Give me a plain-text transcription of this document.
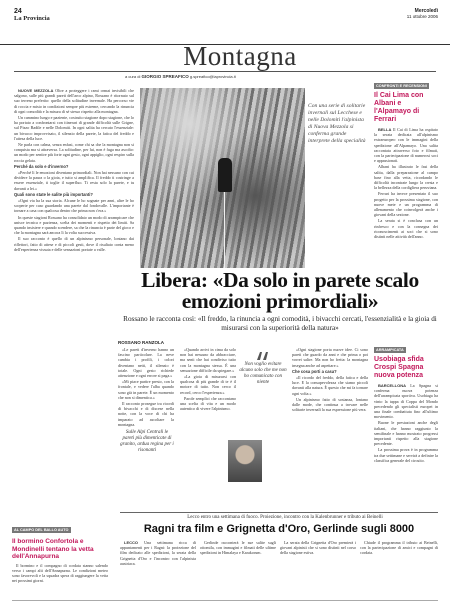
24
La Provincia
Mercoledì
11 ottobre 2006
Montagna
a cura di GIORGIO SPREAFICO g.spreafico@laprovincia.it

NUOVE MEZZOLA Oltre a proteggere i rami ormai invisibili che salgono, sulle più grandi pareti dell'arco alpino, Rossano è ritornato sul suo terreno preferito: quello della solitudine invernale. Ha percorso vie di roccia e misto in condizioni sempre più estreme, cercando la rinuncia di ogni comodità e la misura di sé stesso rispetto alla montagna.

Un cammino lungo e paziente, costruito stagione dopo stagione, che lo ha portato a confrontarsi con itinerari di grande difficoltà sulle Grigne, sul Pizzo Badile e nelle Dolomiti. In ogni salita ha cercato l'essenziale: un bivacco improvvisato, il silenzio della parete, la fatica del freddo e l'attesa della luce.

Ne parla con calma, senza enfasi, come chi sa che la montagna non si conquista ma si attraversa. La solitudine, per lui, non è fuga ma ascolto: un modo per sentire più forte ogni gesto, ogni appiglio, ogni respiro sulla roccia gelata.

Perché da solo e d'inverno?

«Perché lì le emozioni diventano primordiali. Non hai nessuno con cui dividere la paura o la gioia, e tutto si amplifica. Il freddo ti costringe a essere essenziale, ti toglie il superfluo. Ti resta solo la parete, e tu davanti a lei.»

Quali sono state le salite più importanti?

«Ogni via ha la sua storia. Alcune le ho sognate per anni, altre le ho scoperte per caso guardando una parete dal fondovalle. L'importante è tornare a casa con qualcosa dentro che prima non c'era.»

In queste stagioni Rossano ha consolidato un modo di arrampicare che unisce tecnica e pazienza, scelta dei momenti e rispetto dei limiti. Sa quando insistere e quando scendere, sa che la rinuncia è parte del gioco e che la montagna sarà ancora lì la volta successiva.

Il suo racconto è quello di un alpinismo personale, lontano dai riflettori, fatto di attese e di piccoli gesti, dove il risultato conta meno dell'esperienza vissuta e delle sensazioni portate a valle.

Con una serie di solitarie invernali sul Lecchese e nelle Dolomiti l'alpinista di Nuova Mezzola si conferma grande interprete della specialità
CONFRONTI E RECENSIONI
Il Cai Lima con Albani e l'Alpamayo di Ferrari

BELLA Il Cai di Lima ha ospitato la serata dedicata all'alpinismo extraeuropeo con le immagini della spedizione all'Alpamayo. Una salita raccontata attraverso foto e filmati, con la partecipazione di numerosi soci e appassionati.

Albani ha illustrato le fasi della salita, dalla preparazione al campo base fino alla vetta, ricordando le difficoltà incontrate lungo la cresta e la bellezza della cordigliera peruviana.

Ferrari ha invece presentato il suo progetto per la prossima stagione, con nuove mete e un programma di allenamento che coinvolgerà anche i giovani della sezione.

La serata si è conclusa con un rinfresco e con la consegna dei riconoscimenti ai soci che si sono distinti nelle attività dell'anno.

Libera: «Da solo in parete scalo emozioni primordiali»
Rossano le racconta così: «Il freddo, la rinuncia a ogni comodità, i bivacchi cercati, l'essenzialità e la gioia di misurarsi con la superiorità della natura»
ROSSANO RANZOLA

«Le pareti d'inverno hanno un fascino particolare. La neve cambia i profili, i colori diventano netti, il silenzio è totale. Ogni gesto richiede attenzione e ogni errore si paga.»

«Mi piace partire presto, con la frontale, e vedere l'alba quando sono già in parete. È un momento che non si dimentica.»

Il racconto prosegue tra ricordi di bivacchi e di discese nella notte, con la voce di chi ha imparato ad ascoltare la montagna.

Sulle Alpi Centrali le pareti più dimenticate di granito, ardua regina per i risonanti

«Quando arrivi in cima da solo non hai nessuno da abbracciare, ma senti che hai condiviso tutto con la montagna stessa. È una sensazione difficile da spiegare.»

«La gioia di misurarsi con qualcosa di più grande di te è il motore di tutto. Non cerco il record, cerco l'esperienza.»

Parole semplici che raccontano una scelta di vita e un modo autentico di vivere l'alpinismo.

Non voglio evitare alcuno solo che me non ho comunicato con niente

«Ogni stagione porta nuove idee. Ci sono pareti che guardo da anni e che prima o poi vorrei salire. Ma non ho fretta: la montagna insegna anche ad aspettare.»

Che cosa porti a casa?

«Il ricordo del freddo, della fatica e della luce. E la consapevolezza che siamo piccoli davanti alla natura. È questo che mi fa tornare ogni volta.»

Un alpinismo fatto di sostanza, lontano dalle mode, che continua a trovare nelle solitarie invernali la sua espressione più vera.

ARRAMPICATA
Usobiaga sfida Crospi Spagna nuova potenza

BARCELLONA La Spagna si conferma nuova potenza dell'arrampicata sportiva. Usobiaga ha vinto la tappa di Coppa del Mondo precedendo gli specialisti europei in una finale combattuta fino all'ultimo movimento.

Buone le prestazioni anche degli italiani, che hanno raggiunto la semifinale e hanno mostrato progressi importanti rispetto alla stagione precedente.

La prossima prova è in programma tra due settimane e servirà a definire la classifica generale del circuito.

AL CAMPO DEL BALLO AUTO
Il bormino Confortola e Mondinelli tentano la vetta dell'Annapurna

Il bormino e il compagno di cordata stanno salendo verso i campi alti dell'Annapurna. Le condizioni meteo sono favorevoli e la squadra spera di raggiungere la vetta nei prossimi giorni.

Lecco entro una settimana di fuoco. Proiezione, incontro con la Kalenbrunner e tributo ai Beinelli
Ragni tra film e Grignetta d'Oro, Gerlinde sugli 8000

LECCO Una settimana ricca di appuntamenti per i Ragni: la proiezione del film dedicato alle spedizioni, la serata della Grignetta d'Oro e l'incontro con l'alpinista austriaca.

Gerlinde racconterà le sue salite sugli ottomila, con immagini e filmati delle ultime spedizioni in Himalaya e Karakorum.

La serata della Grignetta d'Oro premierà i giovani alpinisti che si sono distinti nel corso della stagione estiva.

Chiude il programma il tributo ai Beinelli, con la partecipazione di amici e compagni di cordata.
